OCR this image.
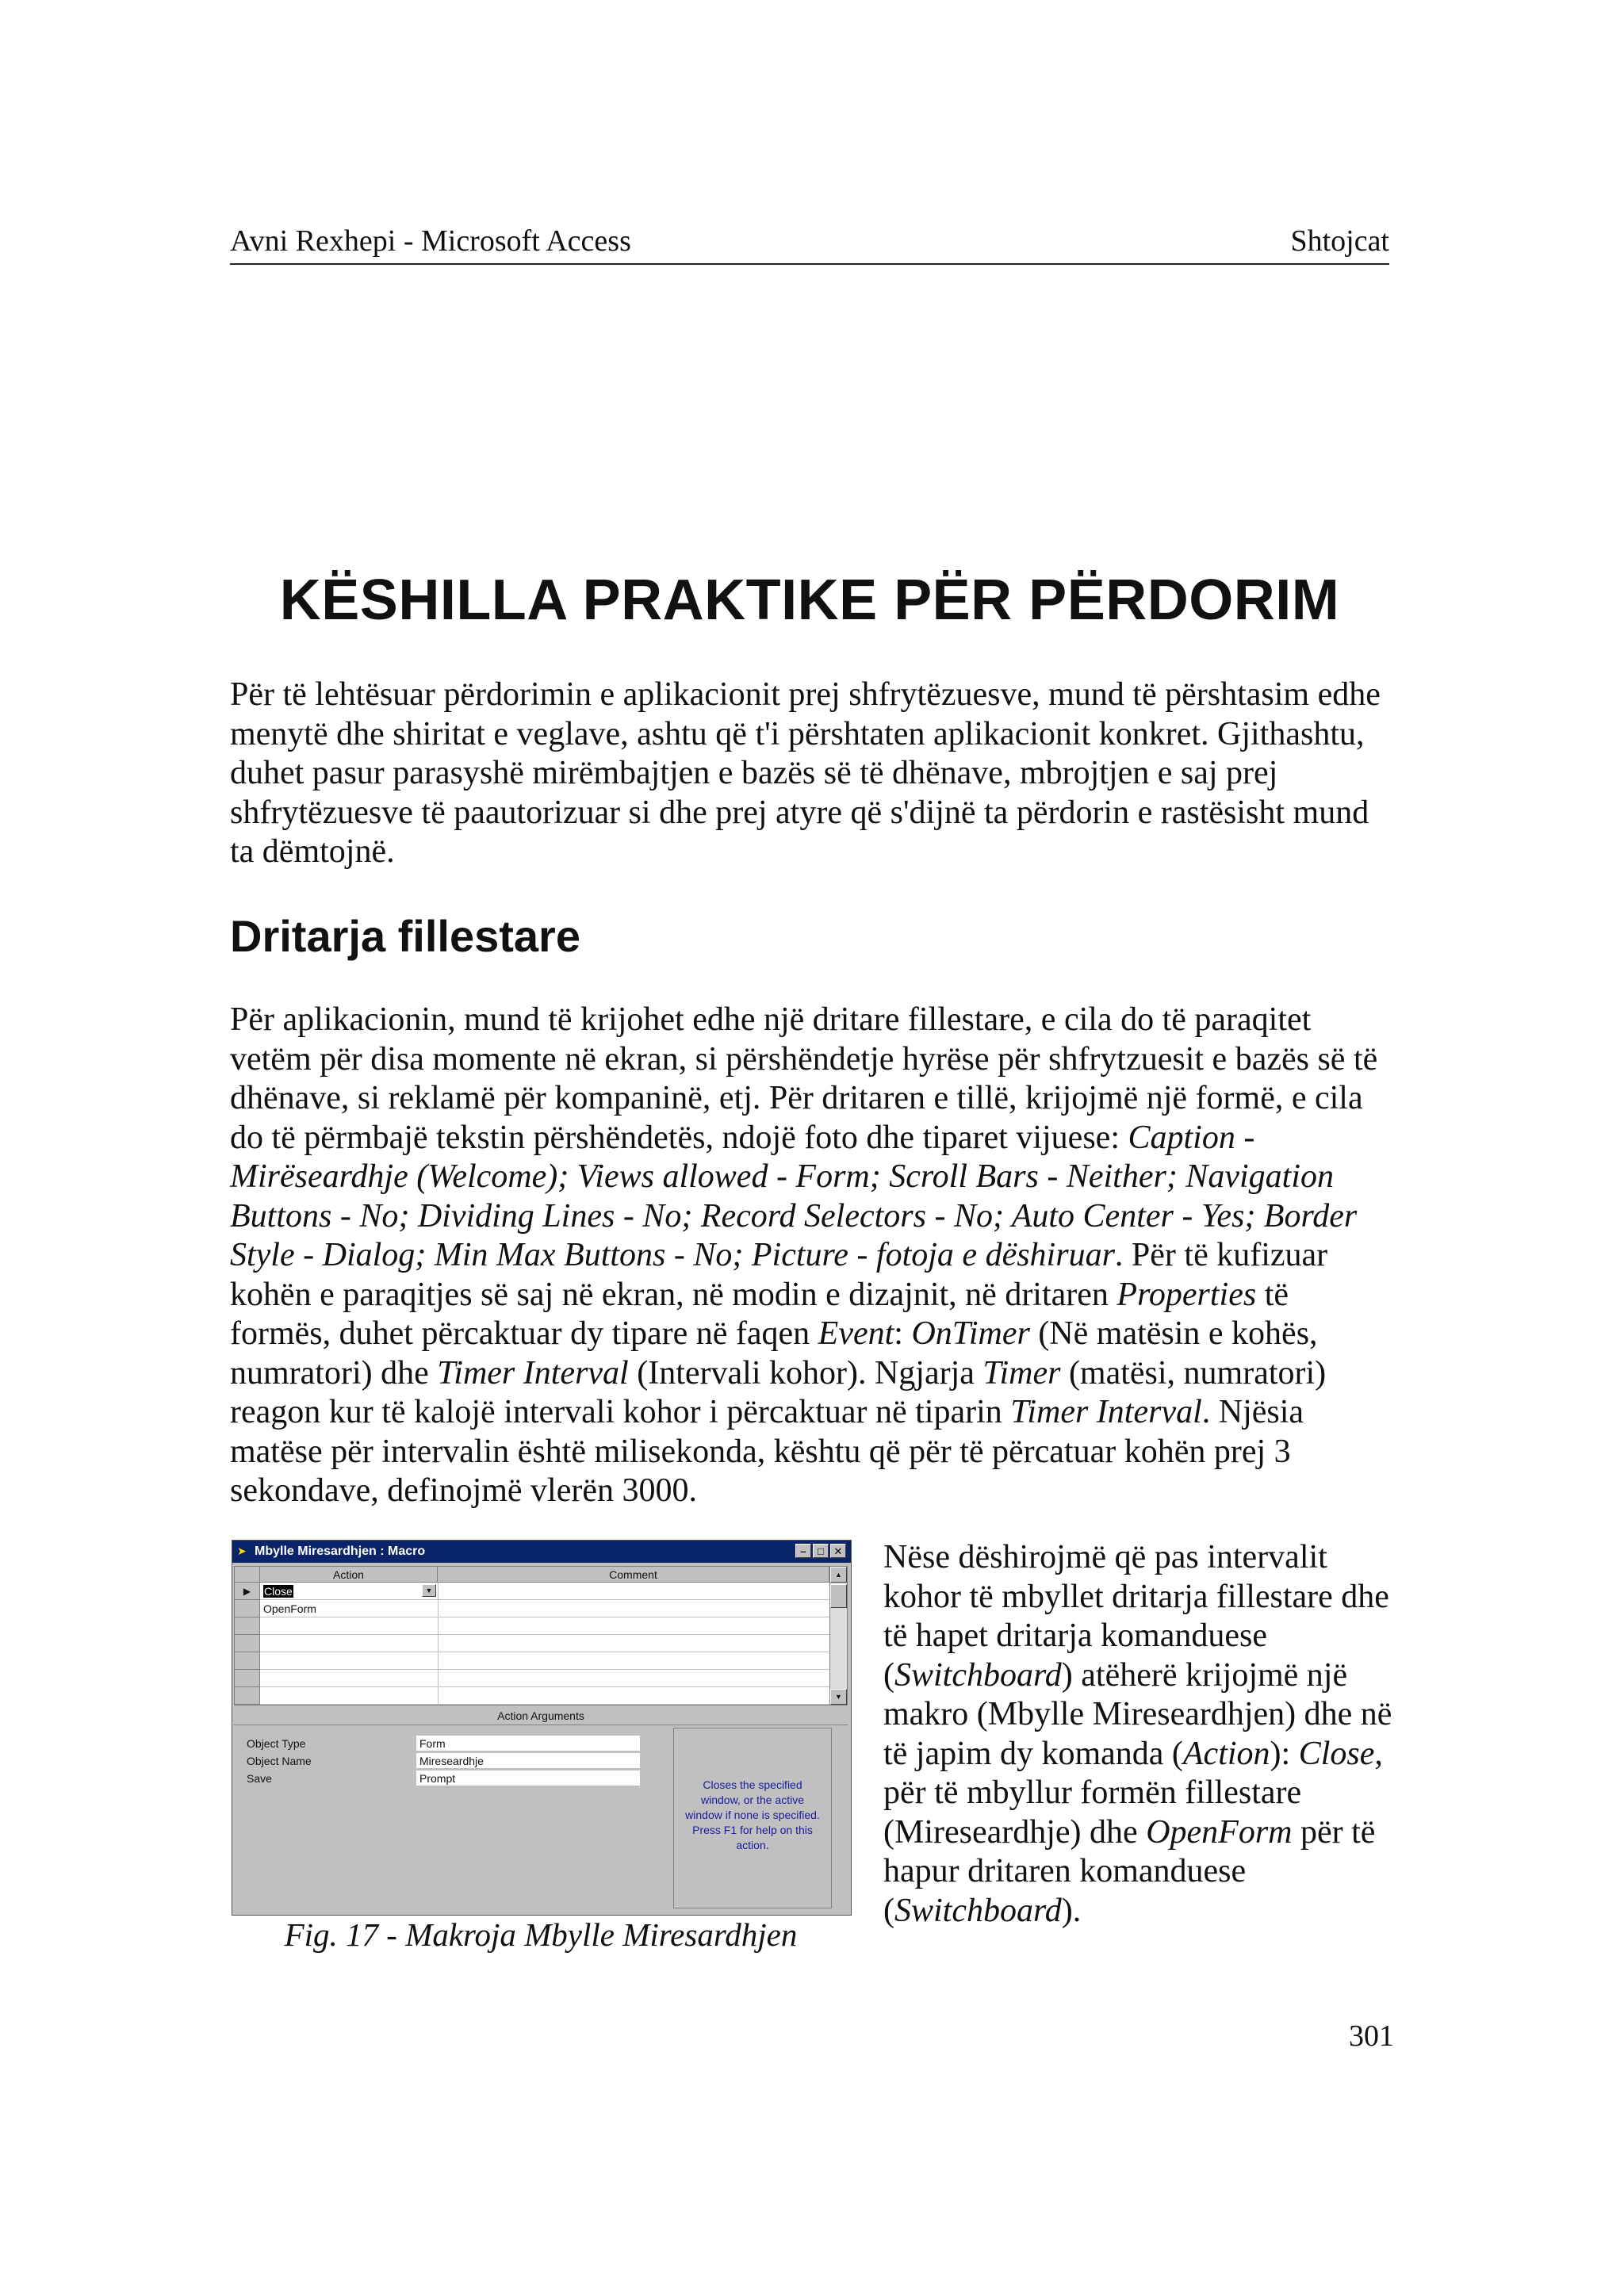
Avni Rexhepi - Microsoft Access	Shtojcat
KËSHILLA PRAKTIKE PËR PËRDORIM

Për të lehtësuar përdorimin e aplikacionit prej shfrytëzuesve, mund të përshtasim edhe menytë dhe shiritat e veglave, ashtu që t'i përshtaten aplikacionit konkret. Gjithashtu, duhet pasur parasyshë mirëmbajtjen e bazës së të dhënave, mbrojtjen e saj prej shfrytëzuesve të paautorizuar si dhe prej atyre që s'dijnë ta përdorin e rastësisht mund ta dëmtojnë.

Dritarja fillestare

Për aplikacionin, mund të krijohet edhe një dritare fillestare, e cila do të paraqitet vetëm për disa momente në ekran, si përshëndetje hyrëse për shfrytzuesit e bazës së të dhënave, si reklamë për kompaninë, etj. Për dritaren e tillë, krijojmë një formë, e cila do të përmbajë tekstin përshëndetës, ndojë foto dhe tiparet vijuese: Caption - Mirëseardhje (Welcome); Views allowed - Form; Scroll Bars - Neither; Navigation Buttons - No; Dividing Lines - No; Record Selectors - No; Auto Center - Yes; Border Style - Dialog; Min Max Buttons - No; Picture - fotoja e dëshiruar. Për të kufizuar kohën e paraqitjes së saj në ekran, në modin e dizajnit, në dritaren Properties të formës, duhet përcaktuar dy tipare në faqen Event: OnTimer (Në matësin e kohës, numratori) dhe Timer Interval (Intervali kohor). Ngjarja Timer (matësi, numratori) reagon kur të kalojë intervali kohor i përcaktuar në tiparin Timer Interval. Njësia matëse për intervalin është milisekonda, kështu që për të përcatuar kohën prej 3 sekondave, definojmë vlerën 3000.

➤ Mbylle Miresardhjen : Macro	–	□ ✕
Action	Comment
▶	Close	▼
OpenForm
▲
▼
Action Arguments
Object Type	Form
Object Name	Mireseardhje
Save	Prompt	Closes the specified window, or the active window if none is specified. Press F1 for help on this action.

Fig. 17 - Makroja Mbylle Miresardhjen

Nëse dëshirojmë që pas intervalit kohor të mbyllet dritarja fillestare dhe të hapet dritarja komanduese (Switchboard) atëherë krijojmë një makro (Mbylle Mireseardhjen) dhe në të japim dy komanda (Action): Close, për të mbyllur formën fillestare (Mireseardhje) dhe OpenForm për të hapur dritaren komanduese (Switchboard).

301
